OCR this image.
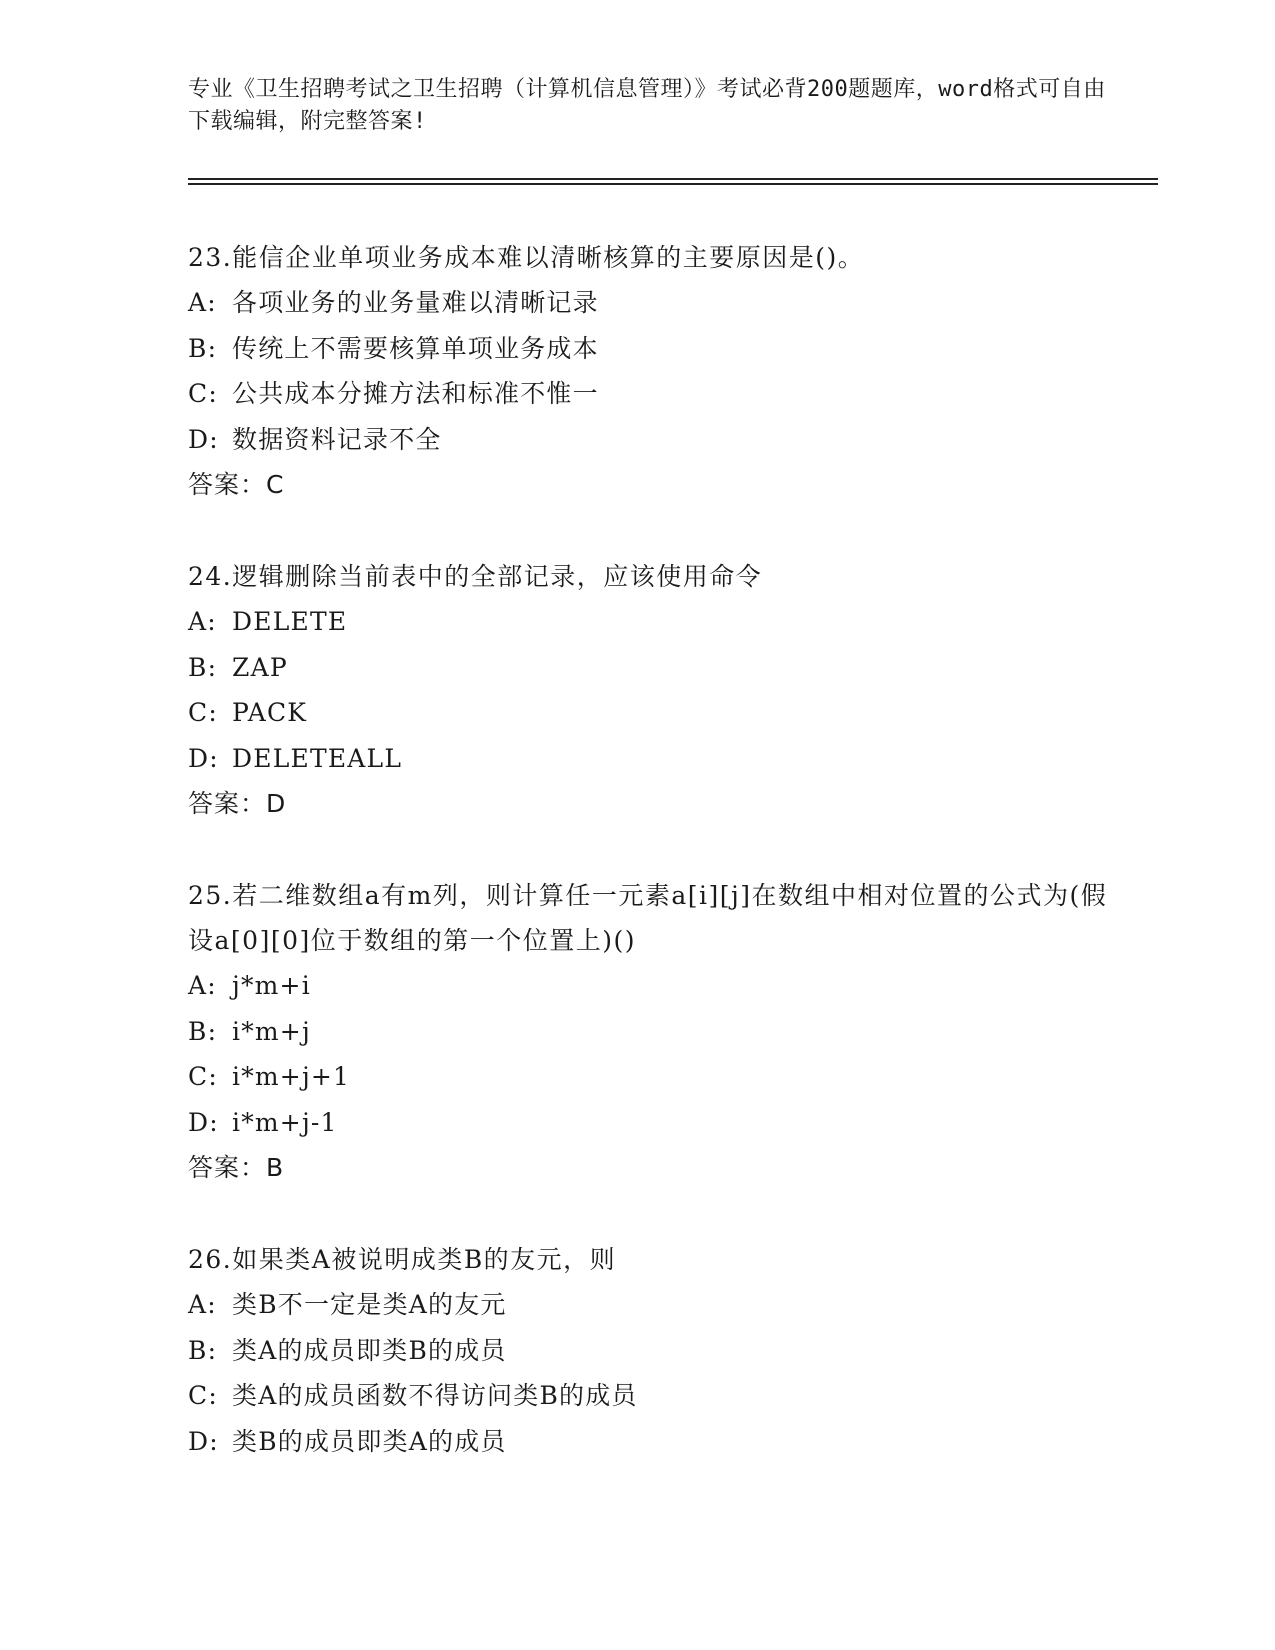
专业《卫生招聘考试之卫生招聘（计算机信息管理）》考试必背200题题库，word格式可自由下载编辑，附完整答案!

23.能信企业单项业务成本难以清晰核算的主要原因是()。

A: 各项业务的业务量难以清晰记录

B: 传统上不需要核算单项业务成本

C: 公共成本分摊方法和标准不惟一

D: 数据资料记录不全

答案：C

24.逻辑删除当前表中的全部记录，应该使用命令

A: DELETE

B: ZAP

C: PACK

D: DELETEALL

答案：D

25.若二维数组a有m列，则计算任一元素a[i][j]在数组中相对位置的公式为(假设a[0][0]位于数组的第一个位置上)()

A: j*m+i

B: i*m+j

C: i*m+j+1

D: i*m+j-1

答案：B

26.如果类A被说明成类B的友元，则

A: 类B不一定是类A的友元

B: 类A的成员即类B的成员

C: 类A的成员函数不得访问类B的成员

D: 类B的成员即类A的成员
